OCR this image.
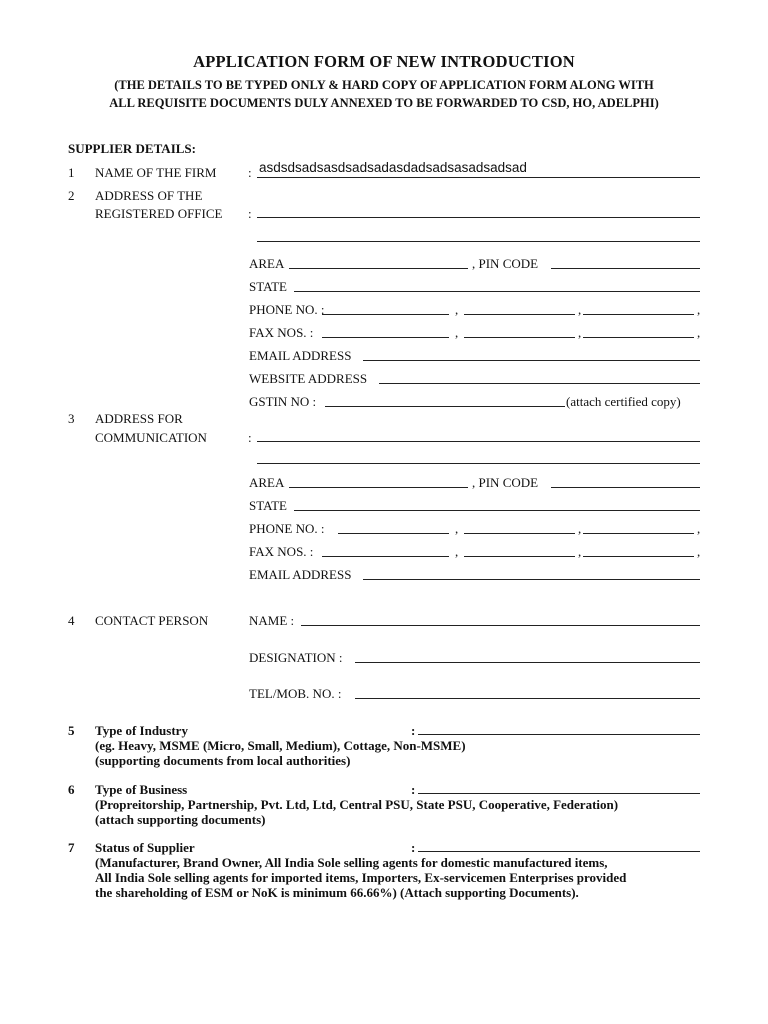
APPLICATION FORM OF NEW INTRODUCTION
(THE DETAILS TO BE TYPED ONLY & HARD COPY OF APPLICATION FORM ALONG WITH
ALL REQUISITE DOCUMENTS DULY ANNEXED TO BE FORWARDED TO CSD, HO, ADELPHI)
SUPPLIER DETAILS:
1 NAME OF THE FIRM : asdsdsadsasdsadsadasdadsadsasadsadsad
2 ADDRESS OF THE
REGISTERED OFFICE :
AREA	, PIN CODE
STATE
PHONE NO. :	,	,	,
FAX NOS. :	,	,	,
EMAIL ADDRESS
WEBSITE ADDRESS
GSTIN NO :	(attach certified copy)
3 ADDRESS FOR
COMMUNICATION	:
AREA	, PIN CODE
STATE
PHONE NO. :	,	,	,
FAX NOS. :	,	,	,
EMAIL ADDRESS
4 CONTACT PERSON	NAME :
DESIGNATION :
TEL/MOB. NO. :
5 Type of Industry	:
(eg. Heavy, MSME (Micro, Small, Medium), Cottage, Non-MSME)
(supporting documents from local authorities)
6 Type of Business	:
(Propreitorship, Partnership, Pvt. Ltd, Ltd, Central PSU, State PSU, Cooperative, Federation)
(attach supporting documents)
7 Status of Supplier	:
(Manufacturer, Brand Owner, All India Sole selling agents for domestic manufactured items,
All India Sole selling agents for imported items, Importers, Ex-servicemen Enterprises provided
the shareholding of ESM or NoK is minimum 66.66%) (Attach supporting Documents).
